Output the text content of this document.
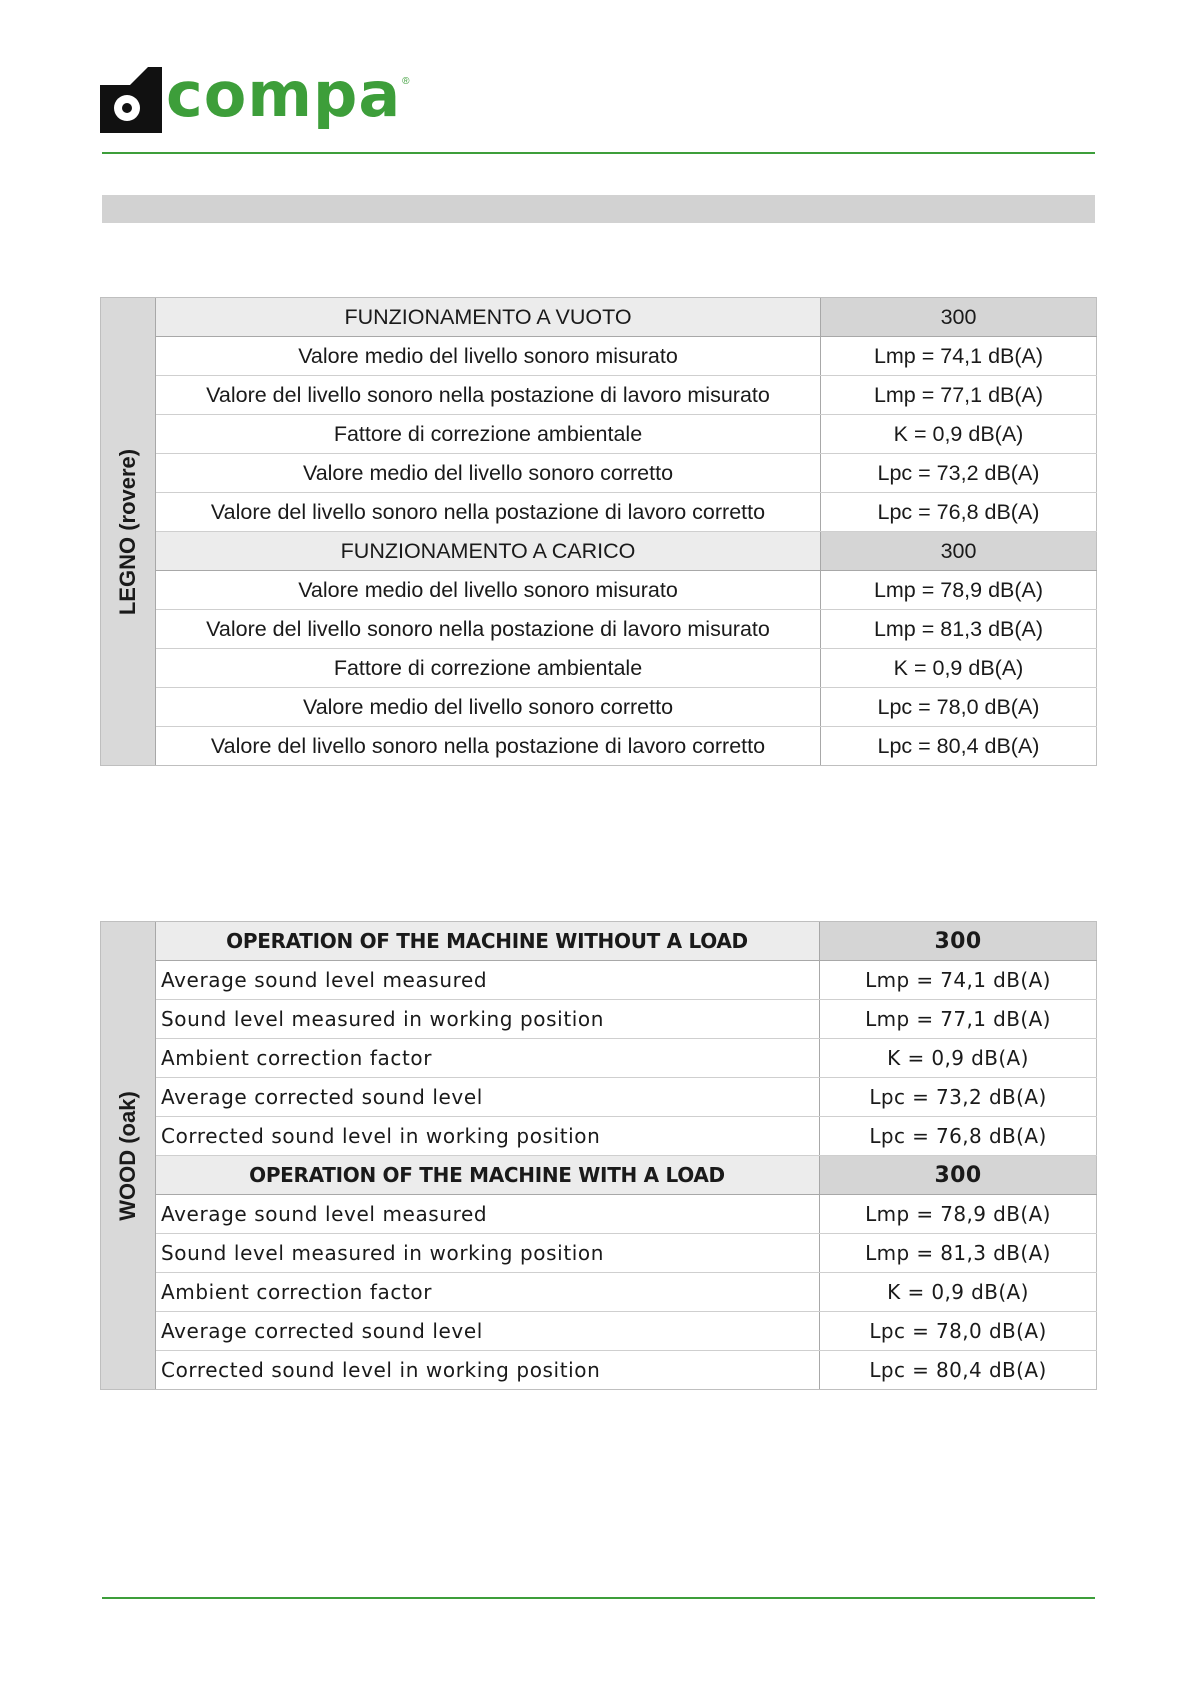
compa ®
LEGNO (rovere)
FUNZIONAMENTO A VUOTO	300
Valore medio del livello sonoro misurato	Lmp = 74,1 dB(A)
Valore del livello sonoro nella postazione di lavoro misurato	Lmp = 77,1 dB(A)
Fattore di correzione ambientale	K = 0,9 dB(A)
Valore medio del livello sonoro corretto	Lpc = 73,2 dB(A)
Valore del livello sonoro nella postazione di lavoro corretto	Lpc = 76,8 dB(A)
FUNZIONAMENTO A CARICO	300
Valore medio del livello sonoro misurato	Lmp = 78,9 dB(A)
Valore del livello sonoro nella postazione di lavoro misurato	Lmp = 81,3 dB(A)
Fattore di correzione ambientale	K = 0,9 dB(A)
Valore medio del livello sonoro corretto	Lpc = 78,0 dB(A)
Valore del livello sonoro nella postazione di lavoro corretto	Lpc = 80,4 dB(A)
WOOD (oak)
OPERATION OF THE MACHINE WITHOUT A LOAD	300
Average sound level measured	Lmp = 74,1 dB(A)
Sound level measured in working position	Lmp = 77,1 dB(A)
Ambient correction factor	K = 0,9 dB(A)
Average corrected sound level	Lpc = 73,2 dB(A)
Corrected sound level in working position	Lpc = 76,8 dB(A)
OPERATION OF THE MACHINE WITH A LOAD	300
Average sound level measured	Lmp = 78,9 dB(A)
Sound level measured in working position	Lmp = 81,3 dB(A)
Ambient correction factor	K = 0,9 dB(A)
Average corrected sound level	Lpc = 78,0 dB(A)
Corrected sound level in working position	Lpc = 80,4 dB(A)
